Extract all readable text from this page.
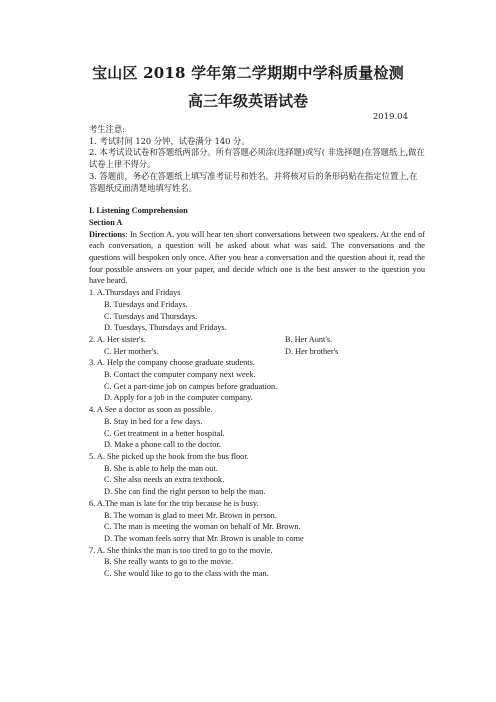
宝山区 2018 学年第二学期期中学科质量检测
高三年级英语试卷
2019.04
考生注意:
1. 考试时间 120 分钟，试卷满分 140 分。
2. 本考试设试卷和答题纸两部分。所有答题必须涂(选择题)或写( 非选择题)在答题纸上,做在试卷上律不得分。
3. 答题前，务必在答题纸上填写准考证号和姓名，并将核对后的条形码贴在指定位置上,在答题纸反面清楚地填写姓名。
I. Listening Comprehension
Section A
Directions: In Section A. you will hear ten short conversations between two speakers. At the end of each conversation, a question will be asked about what was said. The conversations and the questions will bespoken only once. After you hear a conversation and the question about it, read the four possible answers on your paper, and decide which one is the best answer to the question you have heard.
1. A.Thursdays and Fridays
B. Tuesdays and Fridays.
C. Tuesdays and Thursdays.
D. Tuesdays, Thursdays and Fridays.
2. A. Her sister's.	B. Her Aunt's.
C. Her mother's.	D. Her brother's
3. A. Help the company choose graduate students.
B. Contact the computer company next week.
C. Get a part-time job on campus before graduation.
D. Apply for a job in the computer company.
4. A See a doctor as soon as possible.
B. Stay in bed for a few days.
C. Get treatment in a better hospital.
D. Make a phone call to the doctor.
5. A. She picked up the book from the bus floor.
B. She is able to help the man out.
C. She also needs an extra textbook.
D. She can find the right person to help the man.
6. A.The man is late for the trip because he is busy.
B. The woman is glad to meet Mr. Brown in person.
C. The man is meeting the woman on behalf of Mr. Brown.
D. The woman feels sorry that Mr. Brown is unable to come
7. A. She thinks the man is too tired to go to the movie.
B. She really wants to go to the movie.
C. She would like to go to the class with the man.
